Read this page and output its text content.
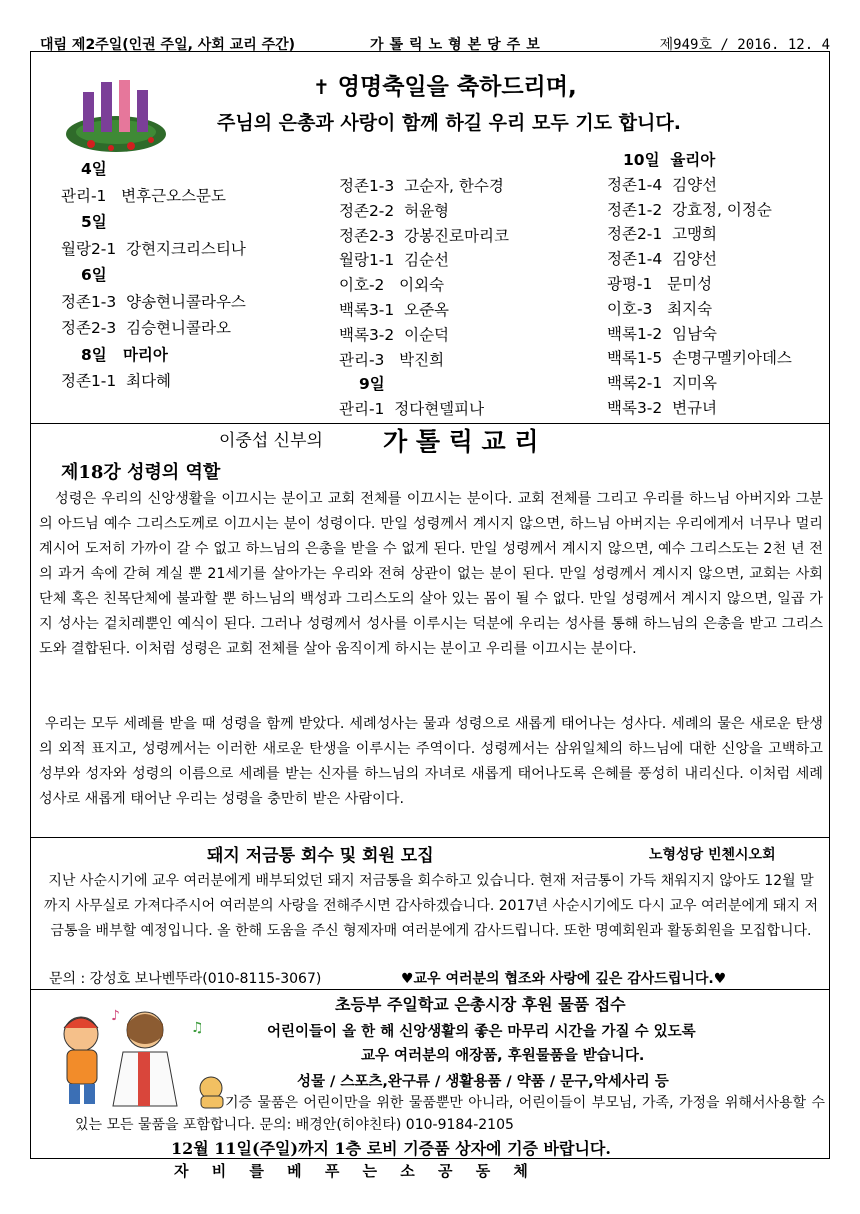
대림 제2주일(인권 주일, 사회 교리 주간)	가톨릭노형본당주보	제949호 / 2016. 12. 4
✝ 영명축일을 축하드리며,
주님의 은총과 사랑이 함께 하길 우리 모두 기도 합니다.
4일
관리-1   변후근오스문도
5일
월랑2-1  강현지크리스티나
6일
정존1-3  양송현니콜라우스
정존2-3  김승현니콜라오
8일   마리아
정존1-1  최다혜
정존1-3  고순자, 한수경
정존2-2  허윤형
정존2-3  강봉진로마리코
월랑1-1  김순선
이호-2   이외숙
백록3-1  오준옥
백록3-2  이순덕
관리-3   박진희
9일
관리-1  정다현델피나
10일  율리아
정존1-4  김양선
정존1-2  강효정, 이정순
정존2-1  고맹희
정존1-4  김양선
광평-1   문미성
이호-3   최지숙
백록1-2  임남숙
백록1-5  손명구멜키아데스
백록2-1  지미옥
백록3-2  변규녀
이중섭 신부의 가 톨 릭 교 리
제18강 성령의 역할
성령은 우리의 신앙생활을 이끄시는 분이고 교회 전체를 이끄시는 분이다. 교회 전체를 그리고 우리를 하느님 아버지와 그분의 아드님 예수 그리스도께로 이끄시는 분이 성령이다. 만일 성령께서 계시지 않으면, 하느님 아버지는 우리에게서 너무나 멀리 계시어 도저히 가까이 갈 수 없고 하느님의 은총을 받을 수 없게 된다. 만일 성령께서 계시지 않으면, 예수 그리스도는 2천 년 전의 과거 속에 갇혀 계실 뿐 21세기를 살아가는 우리와 전혀 상관이 없는 분이 된다. 만일 성령께서 계시지 않으면, 교회는 사회단체 혹은 친목단체에 불과할 뿐 하느님의 백성과 그리스도의 살아 있는 몸이 될 수 없다. 만일 성령께서 계시지 않으면, 일곱 가지 성사는 겉치레뿐인 예식이 된다. 그러나 성령께서 성사를 이루시는 덕분에 우리는 성사를 통해 하느님의 은총을 받고 그리스도와 결합된다. 이처럼 성령은 교회 전체를 살아 움직이게 하시는 분이고 우리를 이끄시는 분이다.
우리는 모두 세례를 받을 때 성령을 함께 받았다. 세례성사는 물과 성령으로 새롭게 태어나는 성사다. 세례의 물은 새로운 탄생의 외적 표지고, 성령께서는 이러한 새로운 탄생을 이루시는 주역이다. 성령께서는 삼위일체의 하느님에 대한 신앙을 고백하고 성부와 성자와 성령의 이름으로 세례를 받는 신자를 하느님의 자녀로 새롭게 태어나도록 은혜를 풍성히 내리신다. 이처럼 세례성사로 새롭게 태어난 우리는 성령을 충만히 받은 사람이다.
돼지 저금통 회수 및 회원 모집	노형성당 빈첸시오회
지난 사순시기에 교우 여러분에게 배부되었던 돼지 저금통을 회수하고 있습니다. 현재 저금통이 가득 채워지지 않아도 12월 말까지 사무실로 가져다주시어 여러분의 사랑을 전해주시면 감사하겠습니다. 2017년 사순시기에도 다시 교우 여러분에게 돼지 저금통을 배부할 예정입니다. 올 한해 도움을 주신 형제자매 여러분에게 감사드립니다. 또한 명예회원과 활동회원을 모집합니다.
문의 : 강성호 보나벤뚜라(010-8115-3067)	♥교우 여러분의 협조와 사랑에 깊은 감사드립니다.♥
♪
♫
초등부 주일학교 은총시장 후원 물품 접수
어린이들이 올 한 해 신앙생활의 좋은 마무리 시간을 가질 수 있도록
교우 여러분의 애장품, 후원물품을 받습니다.
성물 / 스포츠,완구류 / 생활용품 / 약품 / 문구,악세사리 등
기증 물품은 어린이만을 위한 물품뿐만 아니라, 어린이들이 부모님, 가족, 가정을 위해서사용할 수 있는 모든 물품을 포함합니다. 문의: 배경안(히야친타) 010-9184-2105
12월 11일(주일)까지 1층 로비 기증품 상자에 기증 바랍니다.
자 비 를 베 푸 는 소 공 동 체
